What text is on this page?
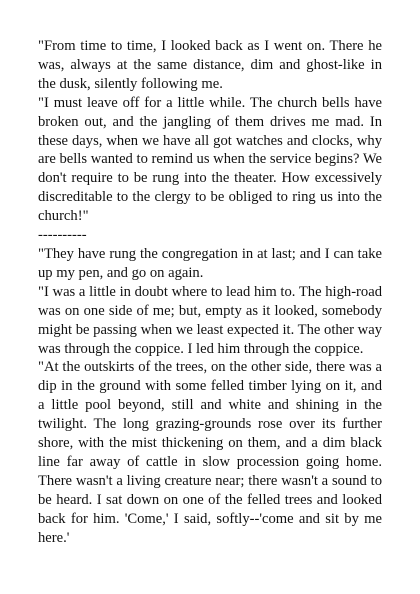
"From time to time, I looked back as I went on. There he was, always at the same distance, dim and ghost-like in the dusk, silently following me.

"I must leave off for a little while. The church bells have broken out, and the jangling of them drives me mad. In these days, when we have all got watches and clocks, why are bells wanted to remind us when the service begins? We don't require to be rung into the theater. How excessively discreditable to the clergy to be obliged to ring us into the church!"

----------

"They have rung the congregation in at last; and I can take up my pen, and go on again.

"I was a little in doubt where to lead him to. The high-road was on one side of me; but, empty as it looked, somebody might be passing when we least expected it. The other way was through the coppice. I led him through the coppice.

"At the outskirts of the trees, on the other side, there was a dip in the ground with some felled timber lying on it, and a little pool beyond, still and white and shining in the twilight. The long grazing-grounds rose over its further shore, with the mist thickening on them, and a dim black line far away of cattle in slow procession going home. There wasn't a living creature near; there wasn't a sound to be heard. I sat down on one of the felled trees and looked back for him. 'Come,' I said, softly--'come and sit by me here.'
